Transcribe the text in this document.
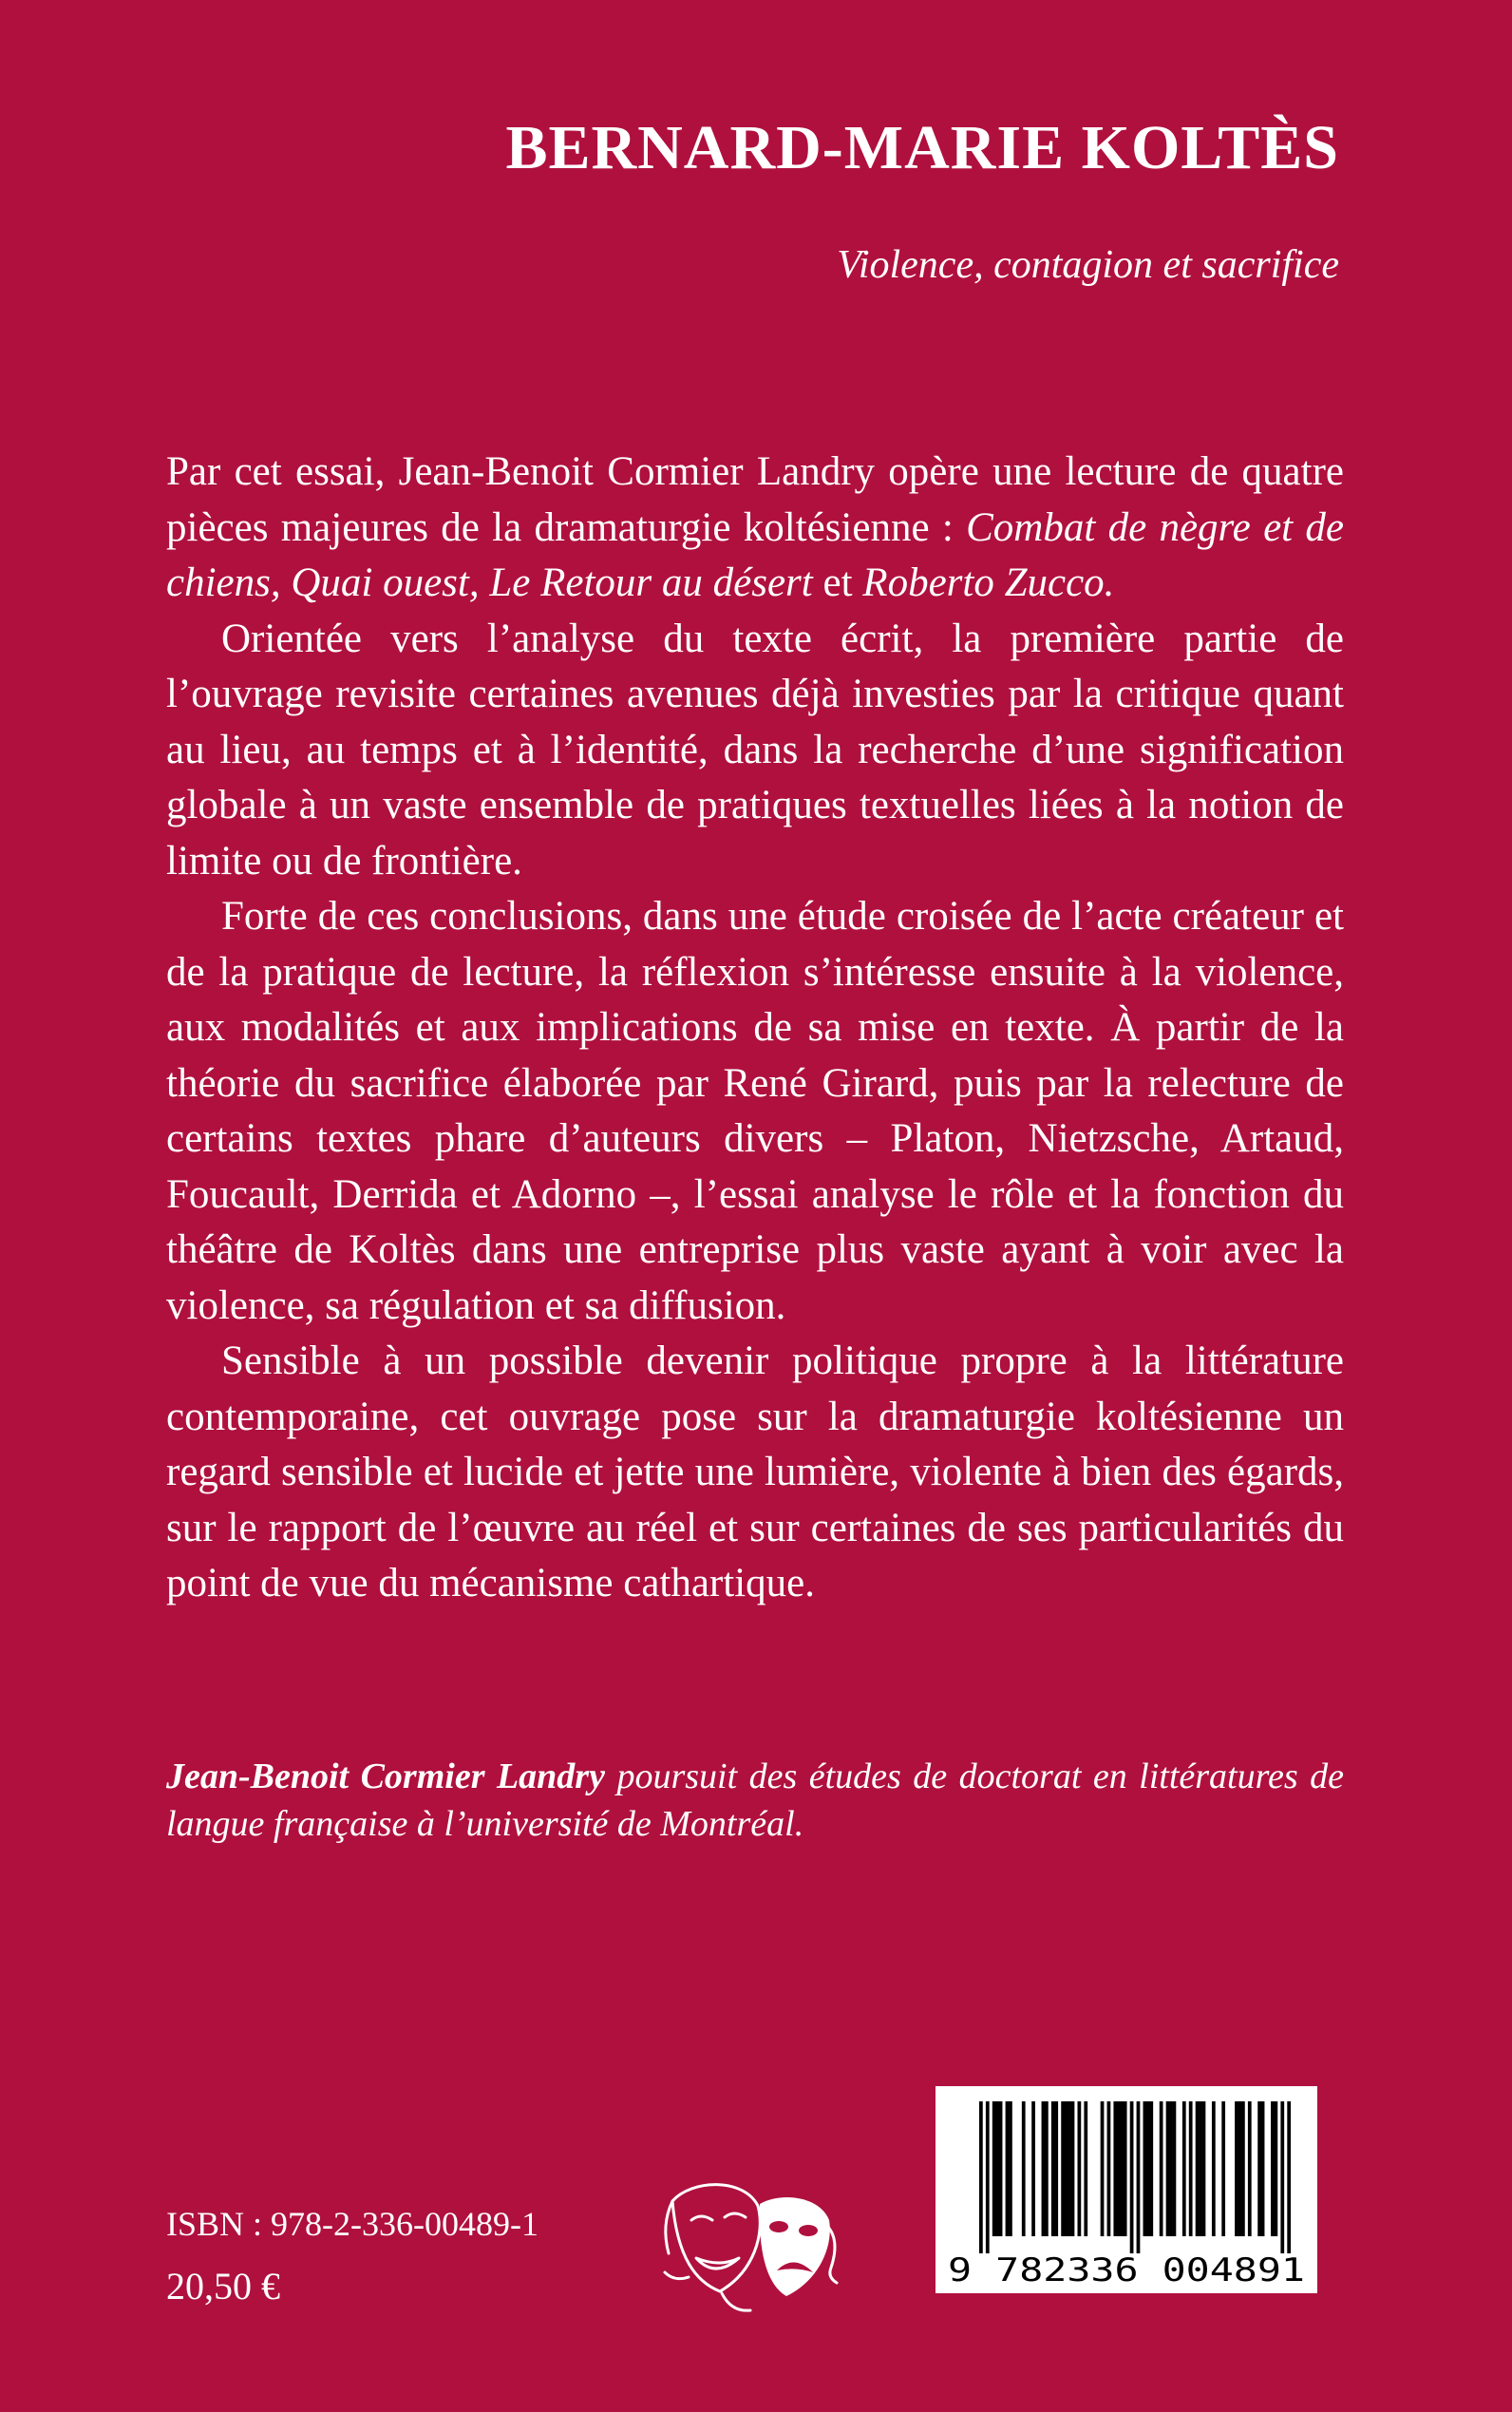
BERNARD-MARIE KOLTÈS
Violence, contagion et sacrifice

Par cet essai, Jean-Benoit Cormier Landry opère une lecture de quatre pièces majeures de la dramaturgie koltésienne : Combat de nègre et de chiens, Quai ouest, Le Retour au désert et Roberto Zucco.

Orientée vers l’analyse du texte écrit, la première partie de l’ouvrage revisite certaines avenues déjà investies par la critique quant au lieu, au temps et à l’identité, dans la recherche d’une signification globale à un vaste ensemble de pratiques textuelles liées à la notion de limite ou de frontière.

Forte de ces conclusions, dans une étude croisée de l’acte créateur et de la pratique de lecture, la réflexion s’intéresse ensuite à la violence, aux modalités et aux implications de sa mise en texte. À partir de la théorie du sacrifice élaborée par René Girard, puis par la relecture de certains textes phare d’auteurs divers – Platon, Nietzsche, Artaud, Foucault, Derrida et Adorno –, l’essai analyse le rôle et la fonction du théâtre de Koltès dans une entreprise plus vaste ayant à voir avec la violence, sa régulation et sa diffusion.

Sensible à un possible devenir politique propre à la littérature contemporaine, cet ouvrage pose sur la dramaturgie koltésienne un regard sensible et lucide et jette une lumière, violente à bien des égards, sur le rapport de l’œuvre au réel et sur certaines de ses particularités du point de vue du mécanisme cathartique.

Jean-Benoit Cormier Landry poursuit des études de doctorat en littératures de langue française à l’université de Montréal.
ISBN : 978-2-336-00489-1
20,50 €	9 782336 004891
